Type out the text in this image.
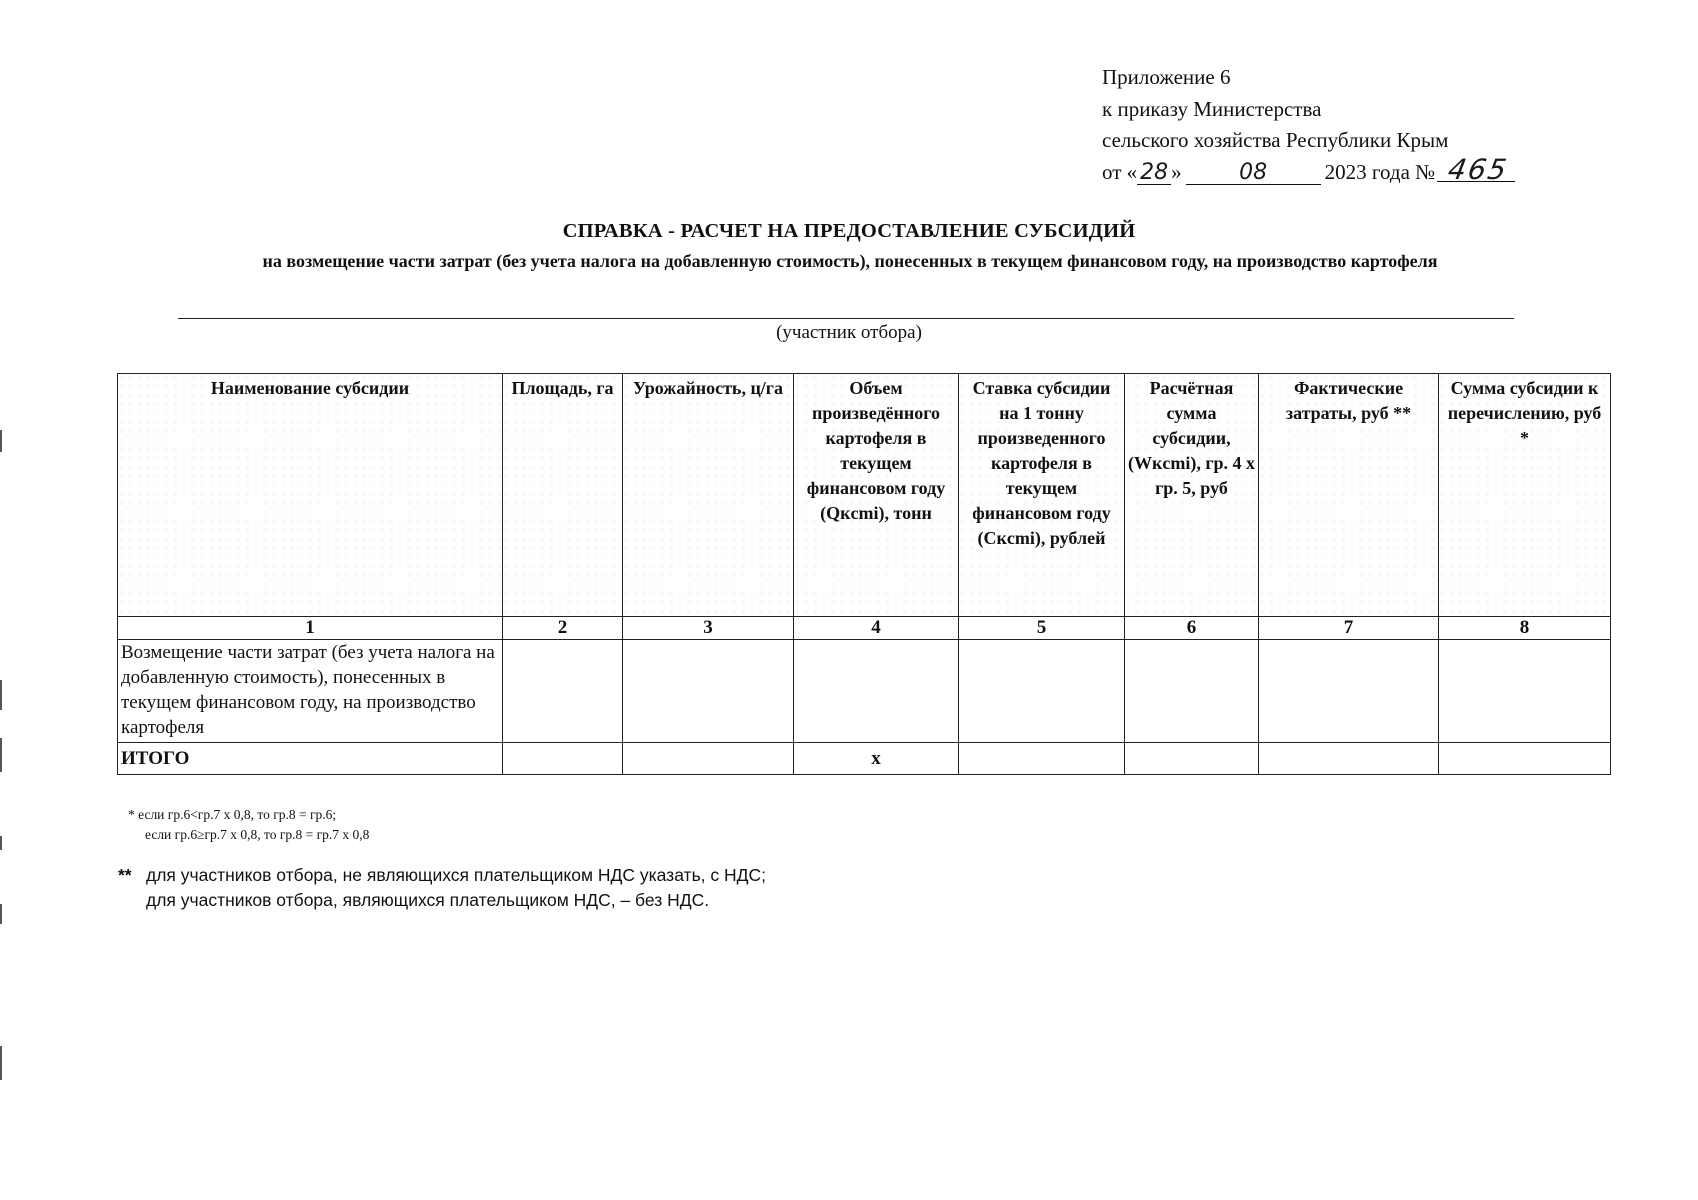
Приложение 6
к приказу Министерства
сельского хозяйства Республики Крым
от « 28 »	08	2023 года № 465
СПРАВКА - РАСЧЕТ НА ПРЕДОСТАВЛЕНИЕ СУБСИДИЙ
на возмещение части затрат (без учета налога на добавленную стоимость), понесенных в текущем финансовом году, на производство картофеля
(участник отбора)
Наименование субсидии	Площадь, га	Урожайность, ц/га	Объем произведённого картофеля в текущем финансовом году (Qкcmi), тонн	Ставка субсидии на 1 тонну произведенного картофеля в текущем финансовом году (Скcmi), рублей	Расчётная сумма субсидии, (Wкcmi), гр. 4 x гр. 5, руб	Фактические затраты, руб **	Сумма субсидии к перечислению, руб *
1	2	3	4	5	6	7	8
Возмещение части затрат (без учета налога на добавленную стоимость), понесенных в текущем финансовом году, на производство картофеля							
ИТОГО			х				
* если гр.6<гр.7 x 0,8, то гр.8 = гр.6;
если гр.6≥гр.7 x 0,8, то гр.8 = гр.7 x 0,8
** для участников отбора, не являющихся плательщиком НДС указать, с НДС;
для участников отбора, являющихся плательщиком НДС, – без НДС.
